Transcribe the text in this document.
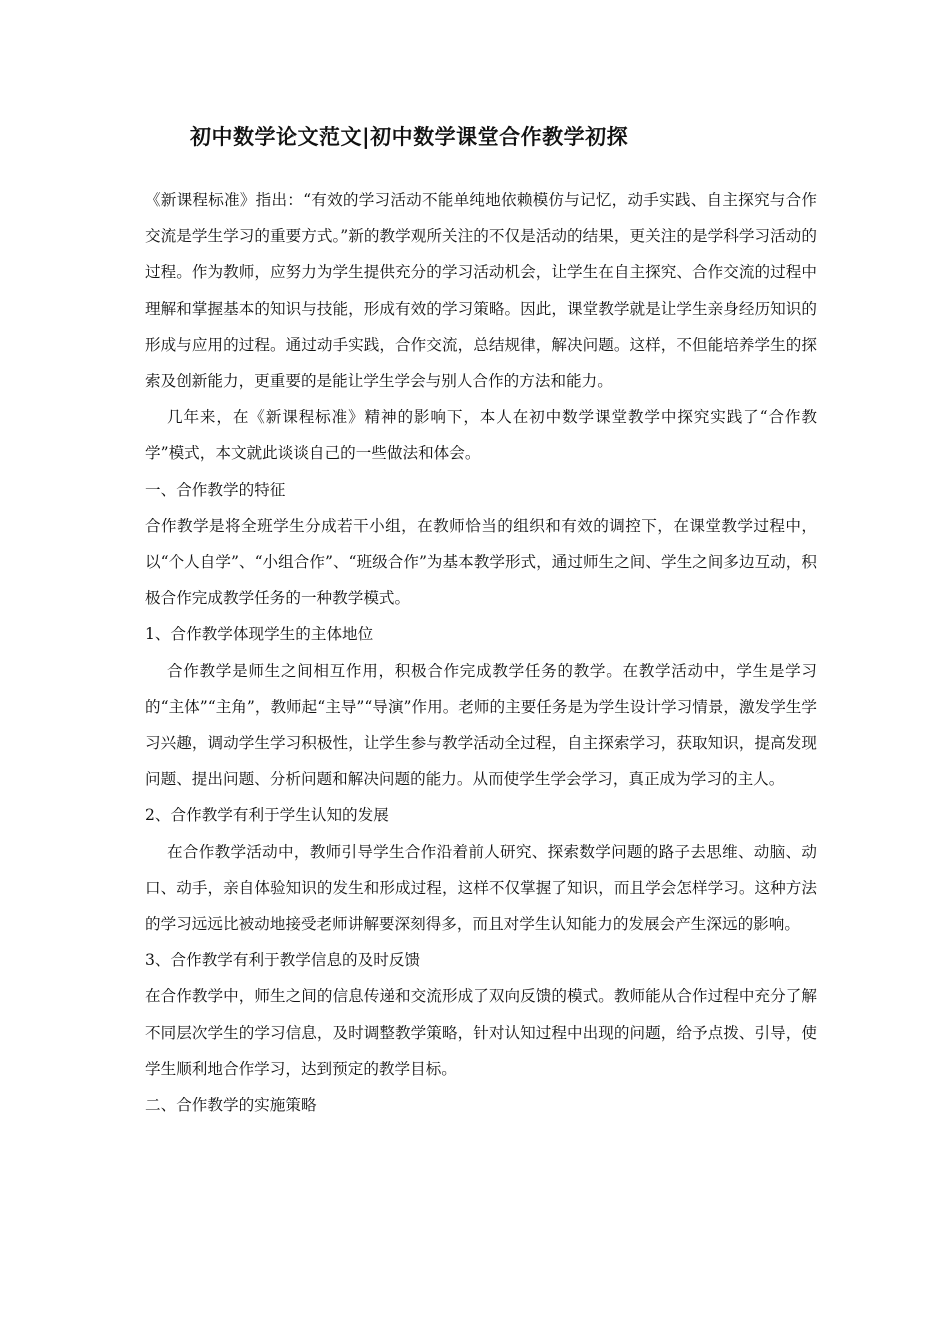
初中数学论文范文|初中数学课堂合作教学初探

《新课程标准》指出：“有效的学习活动不能单纯地依赖模仿与记忆，动手实践、自主探究与合作交流是学生学习的重要方式。”新的教学观所关注的不仅是活动的结果，更关注的是学科学习活动的过程。作为教师，应努力为学生提供充分的学习活动机会，让学生在自主探究、合作交流的过程中理解和掌握基本的知识与技能，形成有效的学习策略。因此，课堂教学就是让学生亲身经历知识的形成与应用的过程。通过动手实践，合作交流，总结规律，解决问题。这样，不但能培养学生的探索及创新能力，更重要的是能让学生学会与别人合作的方法和能力。

几年来，在《新课程标准》精神的影响下，本人在初中数学课堂教学中探究实践了“合作教学”模式，本文就此谈谈自己的一些做法和体会。

一、合作教学的特征

合作教学是将全班学生分成若干小组，在教师恰当的组织和有效的调控下，在课堂教学过程中，以“个人自学”、“小组合作”、“班级合作”为基本教学形式，通过师生之间、学生之间多边互动，积极合作完成教学任务的一种教学模式。

1、合作教学体现学生的主体地位

合作教学是师生之间相互作用，积极合作完成教学任务的教学。在教学活动中，学生是学习的“主体”“主角”，教师起“主导”“导演”作用。老师的主要任务是为学生设计学习情景，激发学生学习兴趣，调动学生学习积极性，让学生参与教学活动全过程，自主探索学习，获取知识，提高发现问题、提出问题、分析问题和解决问题的能力。从而使学生学会学习，真正成为学习的主人。

2、合作教学有利于学生认知的发展

在合作教学活动中，教师引导学生合作沿着前人研究、探索数学问题的路子去思维、动脑、动口、动手，亲自体验知识的发生和形成过程，这样不仅掌握了知识，而且学会怎样学习。这种方法的学习远远比被动地接受老师讲解要深刻得多，而且对学生认知能力的发展会产生深远的影响。

3、合作教学有利于教学信息的及时反馈

在合作教学中，师生之间的信息传递和交流形成了双向反馈的模式。教师能从合作过程中充分了解不同层次学生的学习信息，及时调整教学策略，针对认知过程中出现的问题，给予点拨、引导，使学生顺利地合作学习，达到预定的教学目标。

二、合作教学的实施策略
